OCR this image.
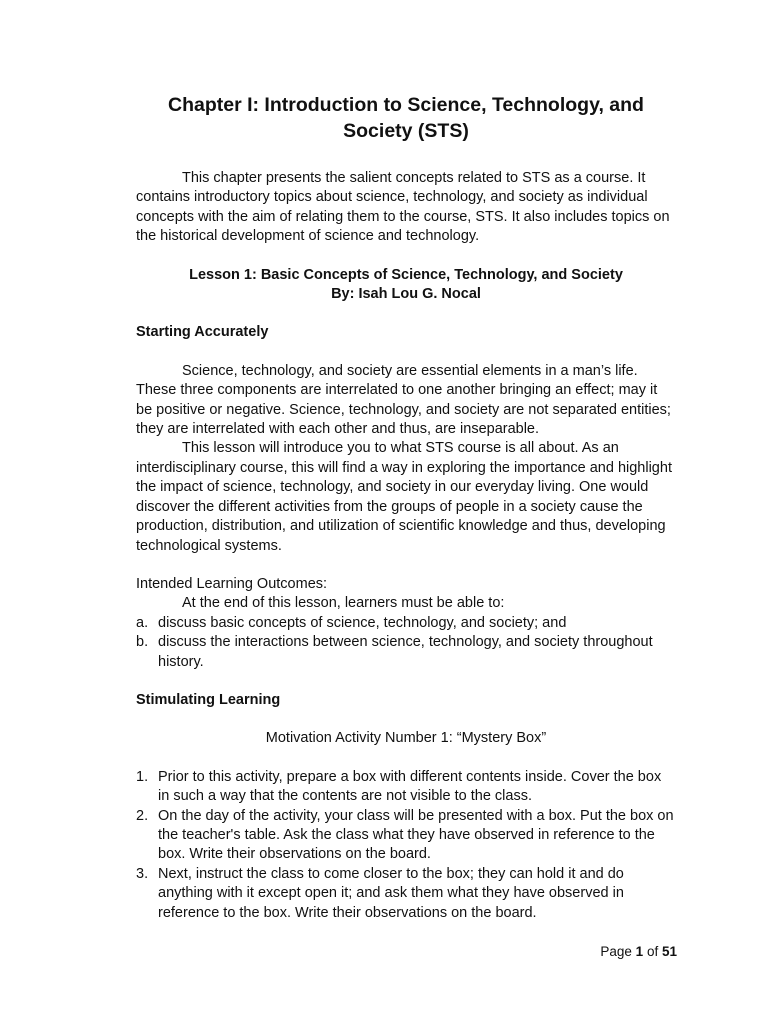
Chapter I: Introduction to Science, Technology, and Society (STS)

This chapter presents the salient concepts related to STS as a course. It contains introductory topics about science, technology, and society as individual concepts with the aim of relating them to the course, STS. It also includes topics on the historical development of science and technology.

Lesson 1: Basic Concepts of Science, Technology, and Society

By: Isah Lou G. Nocal

Starting Accurately

Science, technology, and society are essential elements in a man’s life. These three components are interrelated to one another bringing an effect; may it be positive or negative. Science, technology, and society are not separated entities; they are interrelated with each other and thus, are inseparable.

This lesson will introduce you to what STS course is all about. As an interdisciplinary course, this will find a way in exploring the importance and highlight the impact of science, technology, and society in our everyday living. One would discover the different activities from the groups of people in a society cause the production, distribution, and utilization of scientific knowledge and thus, developing technological systems.

Intended Learning Outcomes:

At the end of this lesson, learners must be able to:

a. discuss basic concepts of science, technology, and society; and
b. discuss the interactions between science, technology, and society throughout history.

Stimulating Learning

Motivation Activity Number 1: “Mystery Box”

1. Prior to this activity, prepare a box with different contents inside. Cover the box in such a way that the contents are not visible to the class.
2. On the day of the activity, your class will be presented with a box. Put the box on the teacher's table. Ask the class what they have observed in reference to the box. Write their observations on the board.
3. Next, instruct the class to come closer to the box; they can hold it and do anything with it except open it; and ask them what they have observed in reference to the box. Write their observations on the board.
Page 1 of 51
